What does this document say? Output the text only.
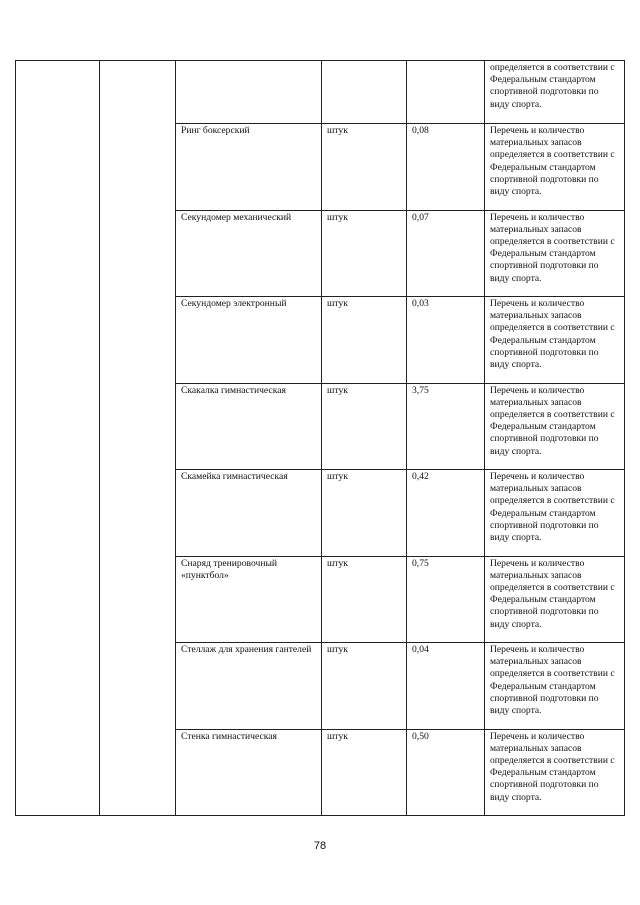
					определяется в соответствии с Федеральным стандартом спортивной подготовки по виду спорта.
		Ринг боксерский	штук	0,08	Перечень и количество материальных запасов определяется в соответствии с Федеральным стандартом спортивной подготовки по виду спорта.
		Секундомер механический	штук	0,07	Перечень и количество материальных запасов определяется в соответствии с Федеральным стандартом спортивной подготовки по виду спорта.
		Секундомер электронный	штук	0,03	Перечень и количество материальных запасов определяется в соответствии с Федеральным стандартом спортивной подготовки по виду спорта.
		Скакалка гимнастическая	штук	3,75	Перечень и количество материальных запасов определяется в соответствии с Федеральным стандартом спортивной подготовки по виду спорта.
		Скамейка гимнастическая	штук	0,42	Перечень и количество материальных запасов определяется в соответствии с Федеральным стандартом спортивной подготовки по виду спорта.
		Снаряд тренировочный «пунктбол»	штук	0,75	Перечень и количество материальных запасов определяется в соответствии с Федеральным стандартом спортивной подготовки по виду спорта.
		Стеллаж для хранения гантелей	штук	0,04	Перечень и количество материальных запасов определяется в соответствии с Федеральным стандартом спортивной подготовки по виду спорта.
		Стенка гимнастическая	штук	0,50	Перечень и количество материальных запасов определяется в соответствии с Федеральным стандартом спортивной подготовки по виду спорта.
78
